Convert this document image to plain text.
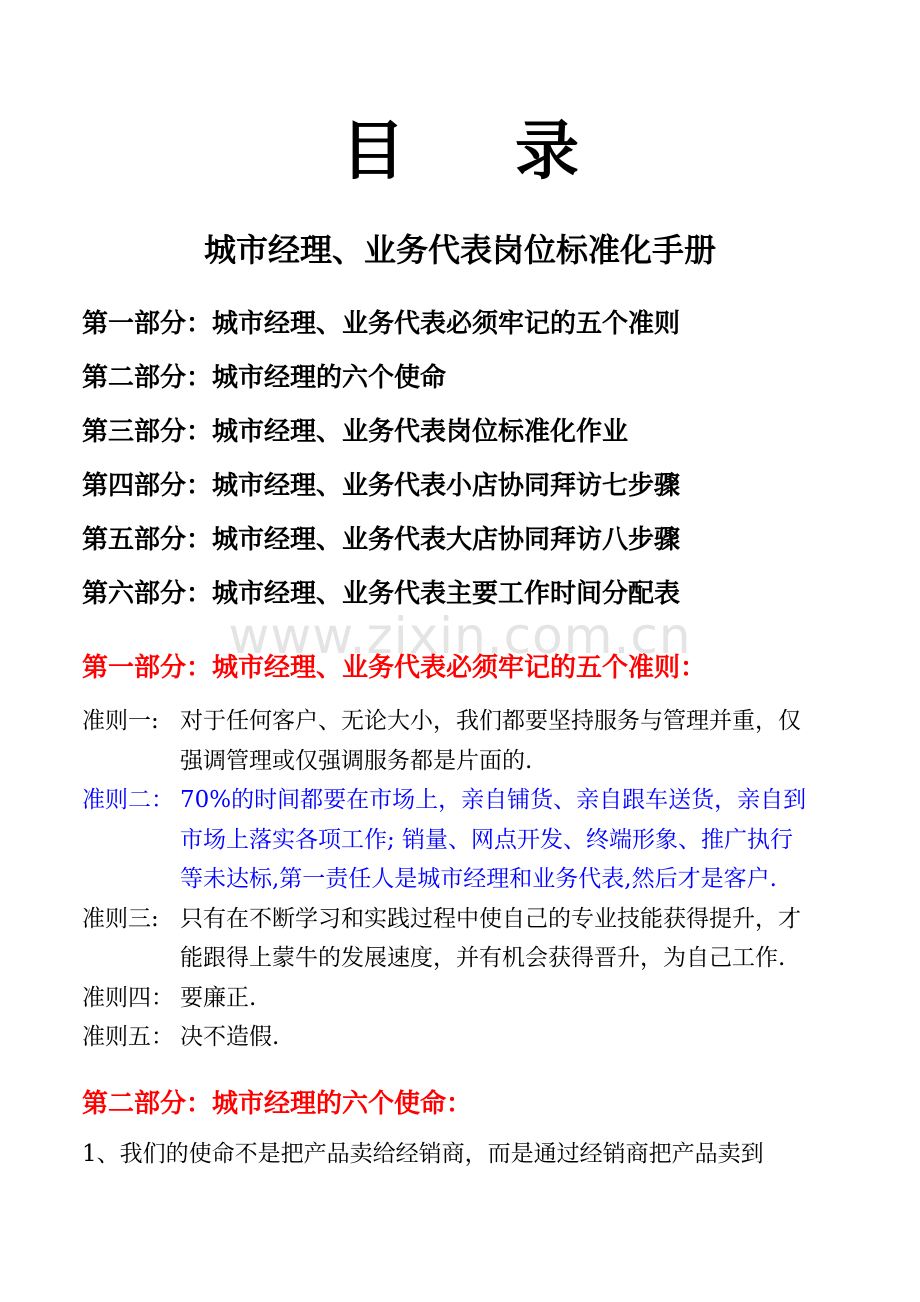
目 录
城市经理、业务代表岗位标准化手册
第一部分：城市经理、业务代表必须牢记的五个准则
第二部分：城市经理的六个使命
第三部分：城市经理、业务代表岗位标准化作业
第四部分：城市经理、业务代表小店协同拜访七步骤
第五部分：城市经理、业务代表大店协同拜访八步骤
第六部分：城市经理、业务代表主要工作时间分配表
www.zixin.com.cn
第一部分：城市经理、业务代表必须牢记的五个准则：
准则一: 对于任何客户、无论大小，我们都要坚持服务与管理并重，仅
强调管理或仅强调服务都是片面的.
准则二： 70%的时间都要在市场上，亲自铺货、亲自跟车送货，亲自到
市场上落实各项工作; 销量、网点开发、终端形象、推广执行
等未达标,第一责任人是城市经理和业务代表,然后才是客户.
准则三: 只有在不断学习和实践过程中使自己的专业技能获得提升，才
能跟得上蒙牛的发展速度，并有机会获得晋升，为自己工作.
准则四： 要廉正.
准则五： 决不造假.
第二部分：城市经理的六个使命：
1、我们的使命不是把产品卖给经销商，而是通过经销商把产品卖到
